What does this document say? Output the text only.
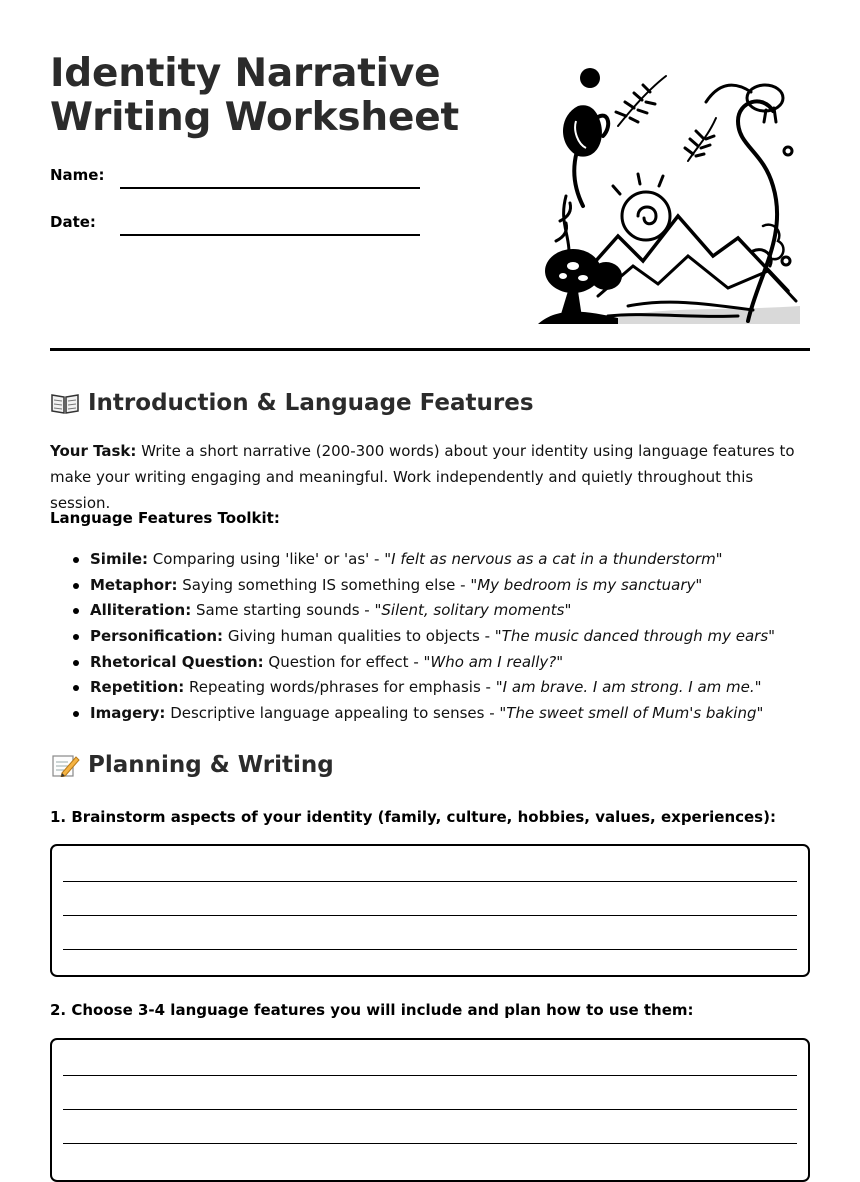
Identity Narrative
Writing Worksheet
Name:
Date:
Introduction & Language Features

Your Task: Write a short narrative (200-300 words) about your identity using language features to make your writing engaging and meaningful. Work independently and quietly throughout this session.

Language Features Toolkit:

Simile: Comparing using 'like' or 'as' - "I felt as nervous as a cat in a thunderstorm"
Metaphor: Saying something IS something else - "My bedroom is my sanctuary"
Alliteration: Same starting sounds - "Silent, solitary moments"
Personification: Giving human qualities to objects - "The music danced through my ears"
Rhetorical Question: Question for effect - "Who am I really?"
Repetition: Repeating words/phrases for emphasis - "I am brave. I am strong. I am me."
Imagery: Descriptive language appealing to senses - "The sweet smell of Mum's baking"
Planning & Writing

1. Brainstorm aspects of your identity (family, culture, hobbies, values, experiences):

2. Choose 3-4 language features you will include and plan how to use them:
